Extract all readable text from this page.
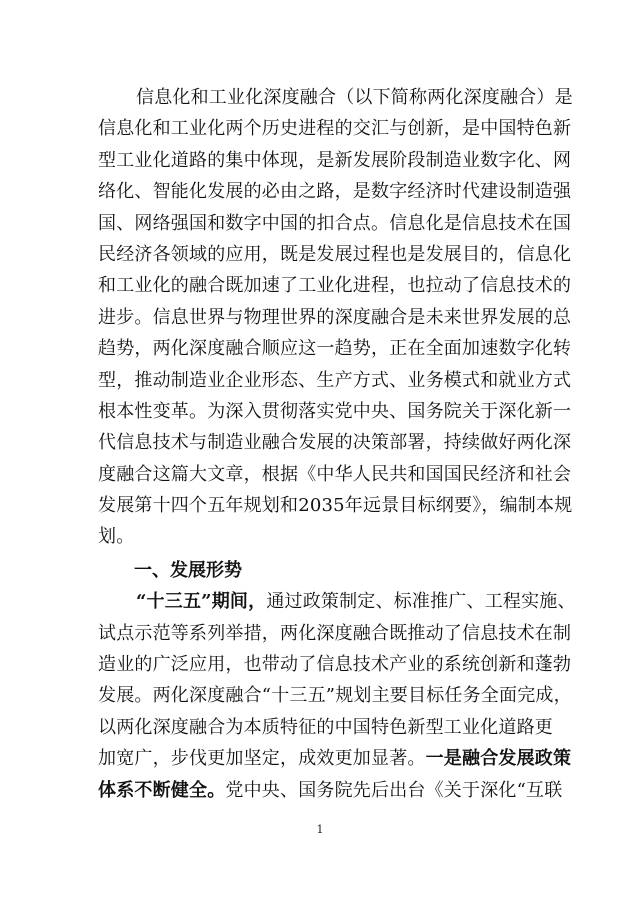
信息化和工业化深度融合（以下简称两化深度融合）是
信息化和工业化两个历史进程的交汇与创新，是中国特色新
型工业化道路的集中体现，是新发展阶段制造业数字化、网
络化、智能化发展的必由之路，是数字经济时代建设制造强
国、网络强国和数字中国的扣合点。信息化是信息技术在国
民经济各领域的应用，既是发展过程也是发展目的，信息化
和工业化的融合既加速了工业化进程，也拉动了信息技术的
进步。信息世界与物理世界的深度融合是未来世界发展的总
趋势，两化深度融合顺应这一趋势，正在全面加速数字化转
型，推动制造业企业形态、生产方式、业务模式和就业方式
根本性变革。为深入贯彻落实党中央、国务院关于深化新一
代信息技术与制造业融合发展的决策部署，持续做好两化深
度融合这篇大文章，根据《中华人民共和国国民经济和社会
发展第十四个五年规划和2035年远景目标纲要》，编制本规
划。
一、发展形势
“十三五”期间，通过政策制定、标准推广、工程实施、
试点示范等系列举措，两化深度融合既推动了信息技术在制
造业的广泛应用，也带动了信息技术产业的系统创新和蓬勃
发展。两化深度融合“十三五”规划主要目标任务全面完成，
以两化深度融合为本质特征的中国特色新型工业化道路更
加宽广，步伐更加坚定，成效更加显著。一是融合发展政策
体系不断健全。党中央、国务院先后出台《关于深化“互联
1
